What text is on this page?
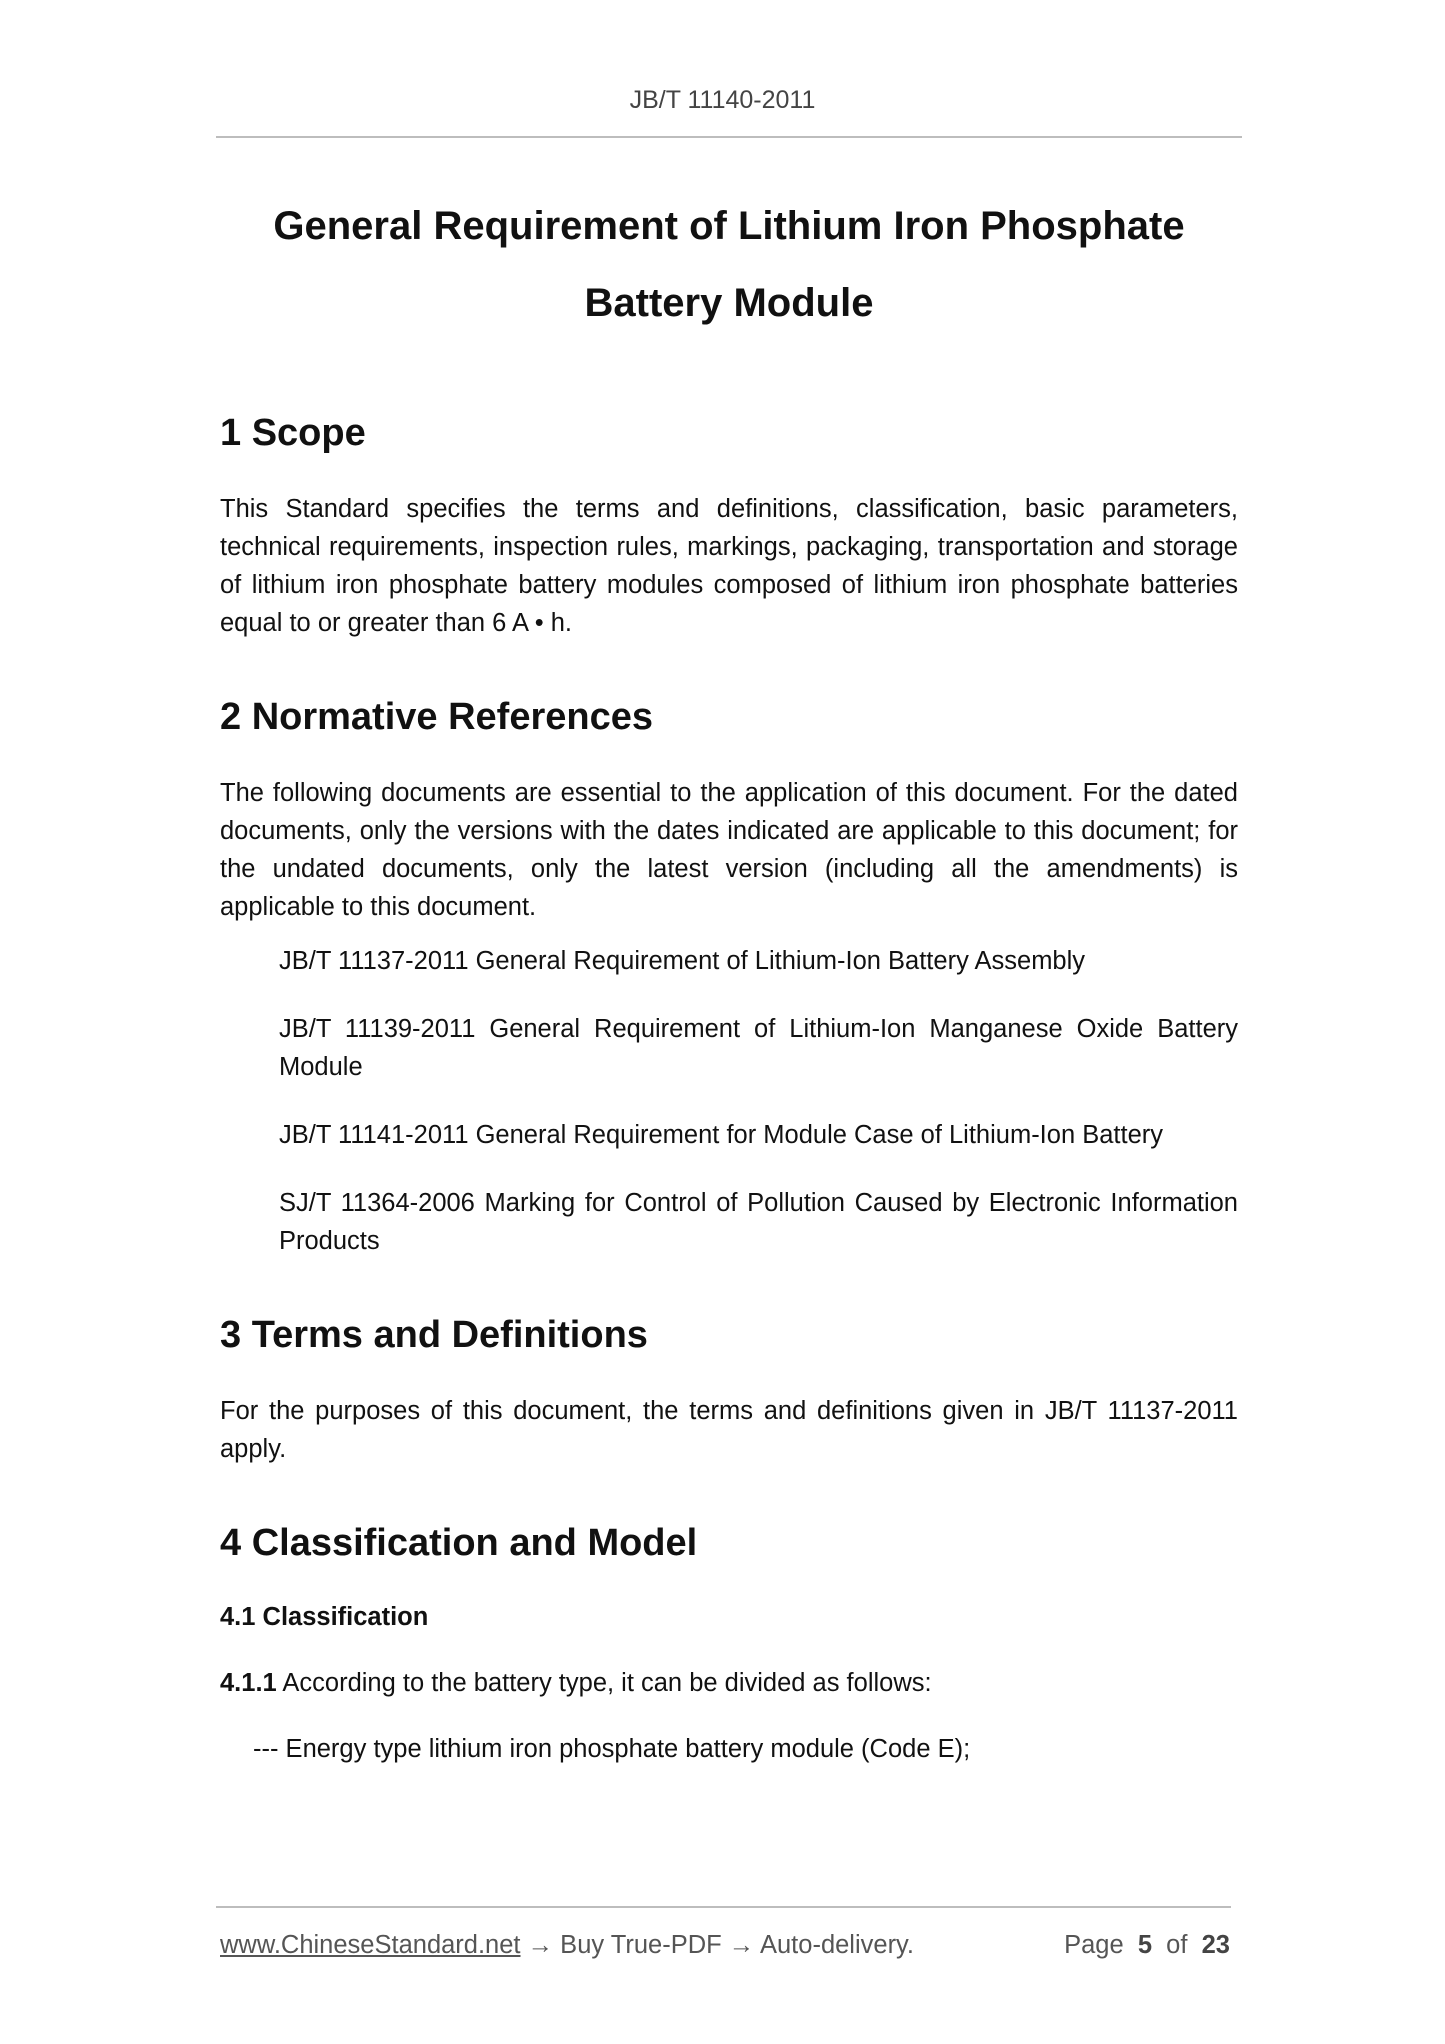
JB/T 11140-2011
General Requirement of Lithium Iron Phosphate
Battery Module
1 Scope

This Standard specifies the terms and definitions, classification, basic parameters, technical requirements, inspection rules, markings, packaging, transportation and storage of lithium iron phosphate battery modules composed of lithium iron phosphate batteries equal to or greater than 6 A • h.

2 Normative References

The following documents are essential to the application of this document. For the dated documents, only the versions with the dates indicated are applicable to this document; for the undated documents, only the latest version (including all the amendments) is applicable to this document.

JB/T 11137-2011 General Requirement of Lithium-Ion Battery Assembly
JB/T 11139-2011 General Requirement of Lithium-Ion Manganese Oxide Battery Module
JB/T 11141-2011 General Requirement for Module Case of Lithium-Ion Battery
SJ/T 11364-2006 Marking for Control of Pollution Caused by Electronic Information Products
3 Terms and Definitions

For the purposes of this document, the terms and definitions given in JB/T 11137-2011 apply.

4 Classification and Model
4.1 Classification

4.1.1 According to the battery type, it can be divided as follows:

--- Energy type lithium iron phosphate battery module (Code E);
www.ChineseStandard.net → Buy True-PDF → Auto-delivery.	Page 5 of 23
